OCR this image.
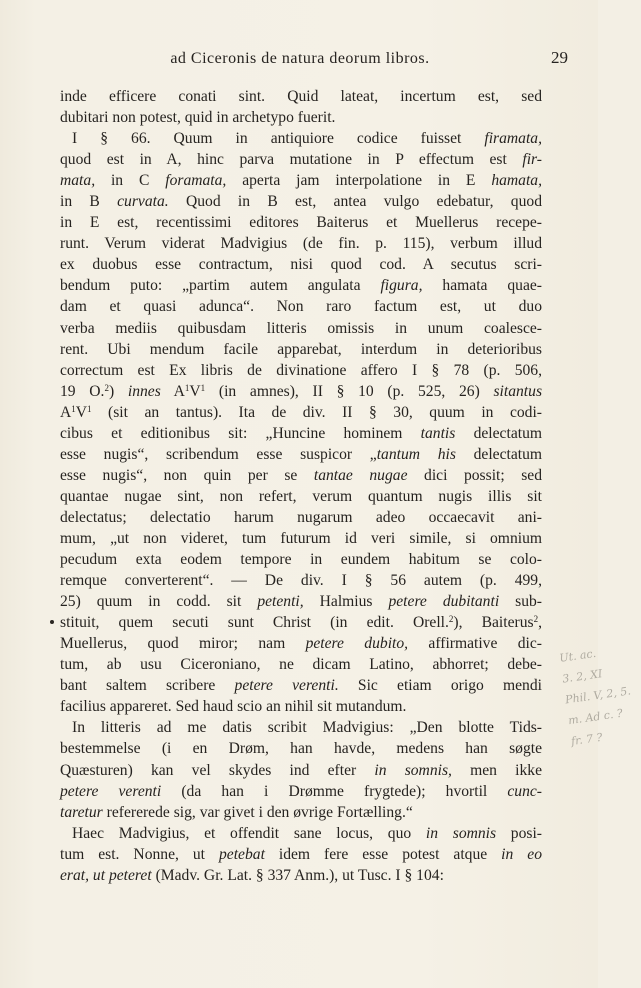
ad Ciceronis de natura deorum libros.	29
inde efficere conati sint. Quid lateat, incertum est, sed
dubitari non potest, quid in archetypo fuerit.
I § 66. Quum in antiquiore codice fuisset firamata,
quod est in A, hinc parva mutatione in P effectum est fir-
mata, in C foramata, aperta jam interpolatione in E hamata,
in B curvata. Quod in B est, antea vulgo edebatur, quod
in E est, recentissimi editores Baiterus et Muellerus recepe-
runt. Verum viderat Madvigius (de fin. p. 115), verbum illud
ex duobus esse contractum, nisi quod cod. A secutus scri-
bendum puto: „partim autem angulata figura, hamata quae-
dam et quasi adunca“. Non raro factum est, ut duo
verba mediis quibusdam litteris omissis in unum coalesce-
rent. Ubi mendum facile apparebat, interdum in deterioribus
correctum est Ex libris de divinatione affero I § 78 (p. 506,
19 O.$^2$) innes $A^1V^1$ (in amnes), II § 10 (p. 525, 26) sitantus
$A^1V^1$ (sit an tantus). Ita de div. II § 30, quum in codi-
cibus et editionibus sit: „Huncine hominem tantis delectatum
esse nugis“, scribendum esse suspicor „tantum his delectatum
esse nugis“, non quin per se tantae nugae dici possit; sed
quantae nugae sint, non refert, verum quantum nugis illis sit
delectatus; delectatio harum nugarum adeo occaecavit ani-
mum, „ut non videret, tum futurum id veri simile, si omnium
pecudum exta eodem tempore in eundem habitum se colo-
remque converterent“. — De div. I § 56 autem (p. 499,
25) quum in codd. sit petenti, Halmius petere dubitanti sub-
stituit, quem secuti sunt Christ (in edit. Orell.$^2$), Baiterus$^2$,
Muellerus, quod miror; nam petere dubito, affirmative dic-
tum, ab usu Ciceroniano, ne dicam Latino, abhorret; debe-
bant saltem scribere petere verenti. Sic etiam origo mendi
facilius appareret. Sed haud scio an nihil sit mutandum.
In litteris ad me datis scribit Madvigius: „Den blotte Tids-
bestemmelse (i en Drøm, han havde, medens han søgte
Quæsturen) kan vel skydes ind efter in somnis, men ikke
petere verenti (da han i Drømme frygtede); hvortil cunc-
taretur refererede sig, var givet i den øvrige Fortælling.“
Haec Madvigius, et offendit sane locus, quo in somnis posi-
tum est. Nonne, ut petebat idem fere esse potest atque in eo
erat, ut peteret (Madv. Gr. Lat. § 337 Anm.), ut Tusc. I § 104:
Ut. ac.
3. 2, XI
Phil. V, 2, 5.
m. Ad c. ?
fr. 7 ?
